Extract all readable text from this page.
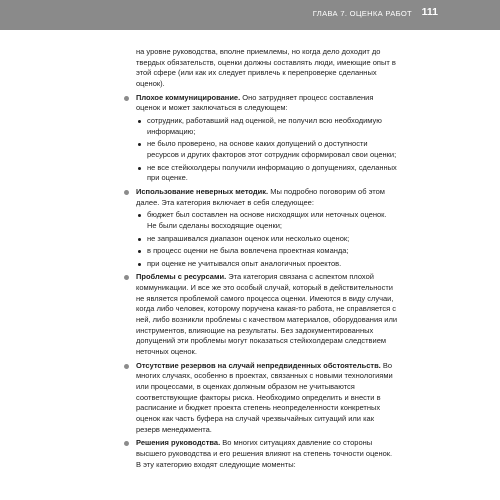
ГЛАВА 7. ОЦЕНКА РАБОТ 111

на уровне руководства, вполне приемлемы, но когда дело доходит до твердых обязательств, оценки должны составлять люди, имеющие опыт в этой сфере (или как их следует привлечь к перепроверке сделанных оценок).

Плохое коммуницирование. Оно затрудняет процесс составления оценок и может заключаться в следующем:
сотрудник, работавший над оценкой, не получил всю необходимую информацию;
не было проверено, на основе каких допущений о доступности ресурсов и других факторов этот сотрудник сформировал свои оценки;
не все стейкхолдеры получили информацию о допущениях, сделанных при оценке.
Использование неверных методик. Мы подробно поговорим об этом далее. Эта категория включает в себя следующее:
бюджет был составлен на основе нисходящих или неточных оценок. Не были сделаны восходящие оценки;
не запрашивался диапазон оценок или несколько оценок;
в процесс оценки не была вовлечена проектная команда;
при оценке не учитывался опыт аналогичных проектов.
Проблемы с ресурсами. Эта категория связана с аспектом плохой коммуникации. И все же это особый случай, который в действительности не является проблемой самого процесса оценки. Имеются в виду случаи, когда либо человек, которому поручена какая-то работа, не справляется с ней, либо возникли проблемы с качеством материалов, оборудования или инструментов, влияющие на результаты. Без задокументированных допущений эти проблемы могут показаться стейкхолдерам следствием неточных оценок.
Отсутствие резервов на случай непредвиденных обстоятельств. Во многих случаях, особенно в проектах, связанных с новыми технологиями или процессами, в оценках должным образом не учитываются соответствующие факторы риска. Необходимо определить и внести в расписание и бюджет проекта степень неопределенности конкретных оценок как часть буфера на случай чрезвычайных ситуаций или как резерв менеджмента.
Решения руководства. Во многих ситуациях давление со стороны высшего руководства и его решения влияют на степень точности оценок. В эту категорию входят следующие моменты:
